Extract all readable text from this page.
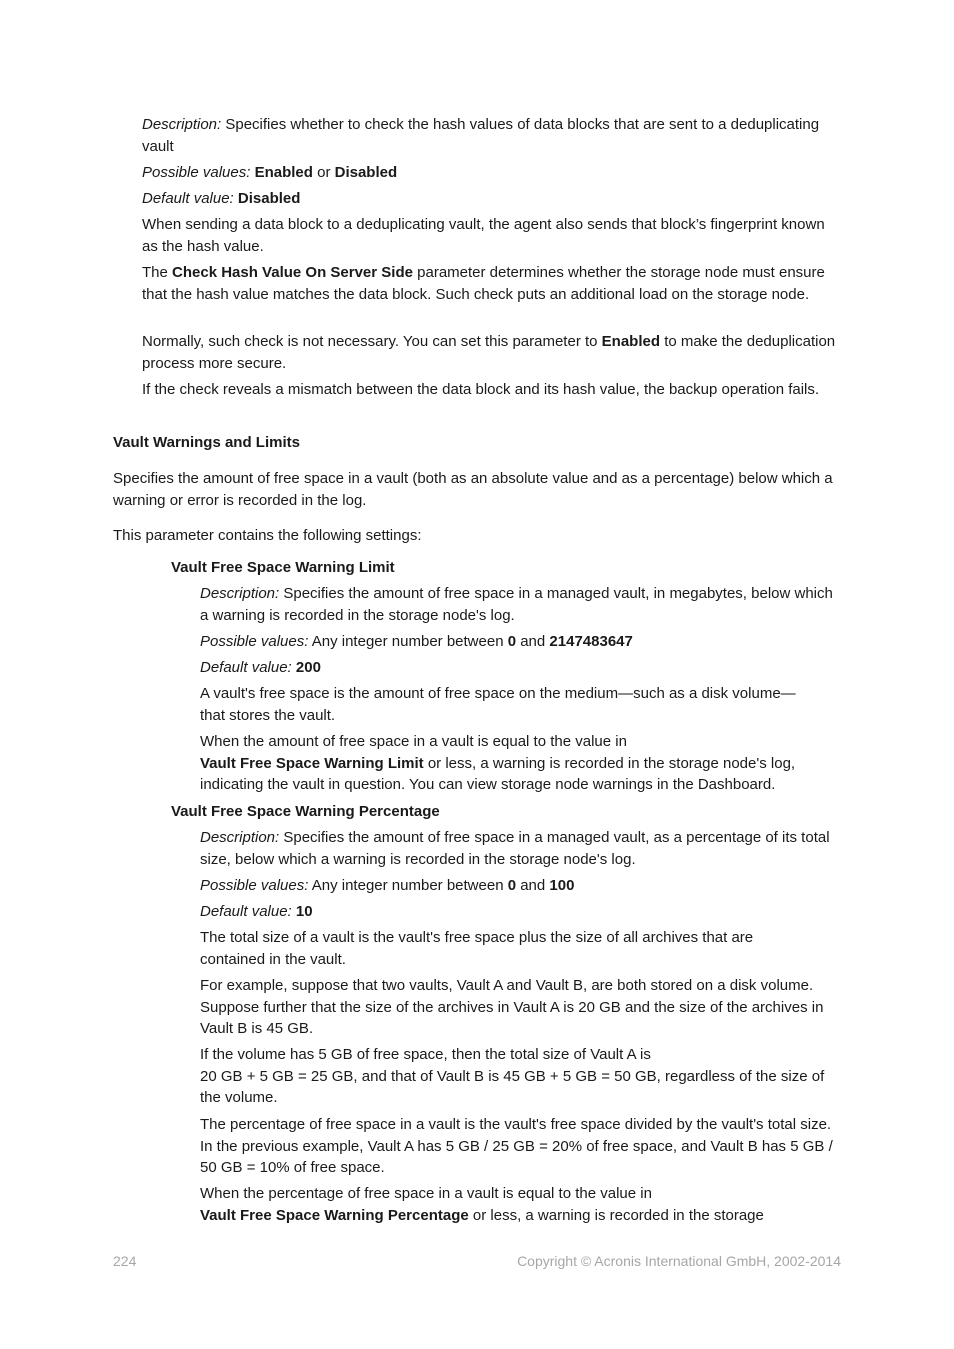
Description: Specifies whether to check the hash values of data blocks that are sent to a deduplicating vault

Possible values: Enabled or Disabled

Default value: Disabled

When sending a data block to a deduplicating vault, the agent also sends that block’s fingerprint known as the hash value.

The Check Hash Value On Server Side parameter determines whether the storage node must ensure that the hash value matches the data block. Such check puts an additional load on the storage node.

Normally, such check is not necessary. You can set this parameter to Enabled to make the deduplication process more secure.

If the check reveals a mismatch between the data block and its hash value, the backup operation fails.

Vault Warnings and Limits

Specifies the amount of free space in a vault (both as an absolute value and as a percentage) below which a warning or error is recorded in the log.

This parameter contains the following settings:

Vault Free Space Warning Limit

Description: Specifies the amount of free space in a managed vault, in megabytes, below which a warning is recorded in the storage node's log.

Possible values: Any integer number between 0 and 2147483647

Default value: 200

A vault's free space is the amount of free space on the medium—such as a disk volume—that stores the vault.

When the amount of free space in a vault is equal to the value in
Vault Free Space Warning Limit or less, a warning is recorded in the storage node's log, indicating the vault in question. You can view storage node warnings in the Dashboard.

Vault Free Space Warning Percentage

Description: Specifies the amount of free space in a managed vault, as a percentage of its total size, below which a warning is recorded in the storage node's log.

Possible values: Any integer number between 0 and 100

Default value: 10

The total size of a vault is the vault's free space plus the size of all archives that are contained in the vault.

For example, suppose that two vaults, Vault A and Vault B, are both stored on a disk volume. Suppose further that the size of the archives in Vault A is 20 GB and the size of the archives in Vault B is 45 GB.

If the volume has 5 GB of free space, then the total size of Vault A is
20 GB + 5 GB = 25 GB, and that of Vault B is 45 GB + 5 GB = 50 GB, regardless of the size of the volume.

The percentage of free space in a vault is the vault's free space divided by the vault's total size. In the previous example, Vault A has 5 GB / 25 GB = 20% of free space, and Vault B has 5 GB / 50 GB = 10% of free space.

When the percentage of free space in a vault is equal to the value in
Vault Free Space Warning Percentage or less, a warning is recorded in the storage

224	Copyright © Acronis International GmbH, 2002-2014
